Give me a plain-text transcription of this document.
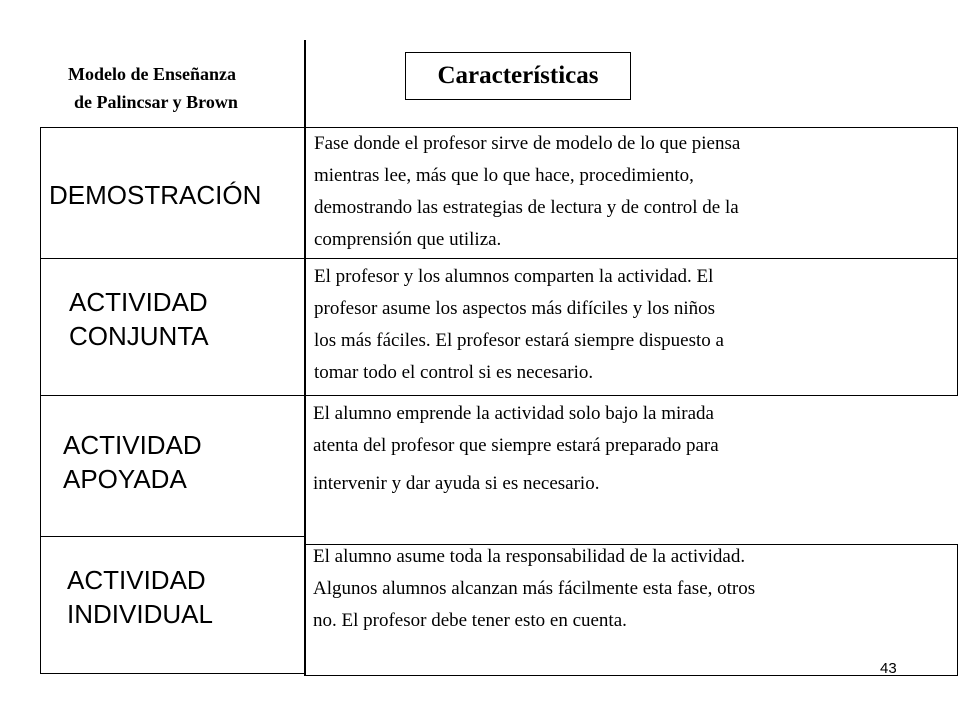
Modelo de Enseñanza
de Palincsar y Brown
Características
DEMOSTRACIÓN
Fase donde el profesor sirve de modelo de lo que piensa
mientras lee, más que lo que hace, procedimiento,
demostrando las estrategias de lectura y de control de la
comprensión que utiliza.
ACTIVIDAD
CONJUNTA
El profesor y los alumnos comparten la actividad. El
profesor asume los aspectos más difíciles y los niños
los más fáciles. El profesor estará siempre dispuesto a
tomar todo el control si es necesario.
ACTIVIDAD
APOYADA
El alumno emprende la actividad solo bajo la mirada
atenta del profesor que siempre estará preparado para
intervenir y dar ayuda si es necesario.
ACTIVIDAD
INDIVIDUAL
El alumno asume toda la responsabilidad de la actividad.
Algunos alumnos alcanzan más fácilmente esta fase, otros
no. El profesor debe tener esto en cuenta.
43
